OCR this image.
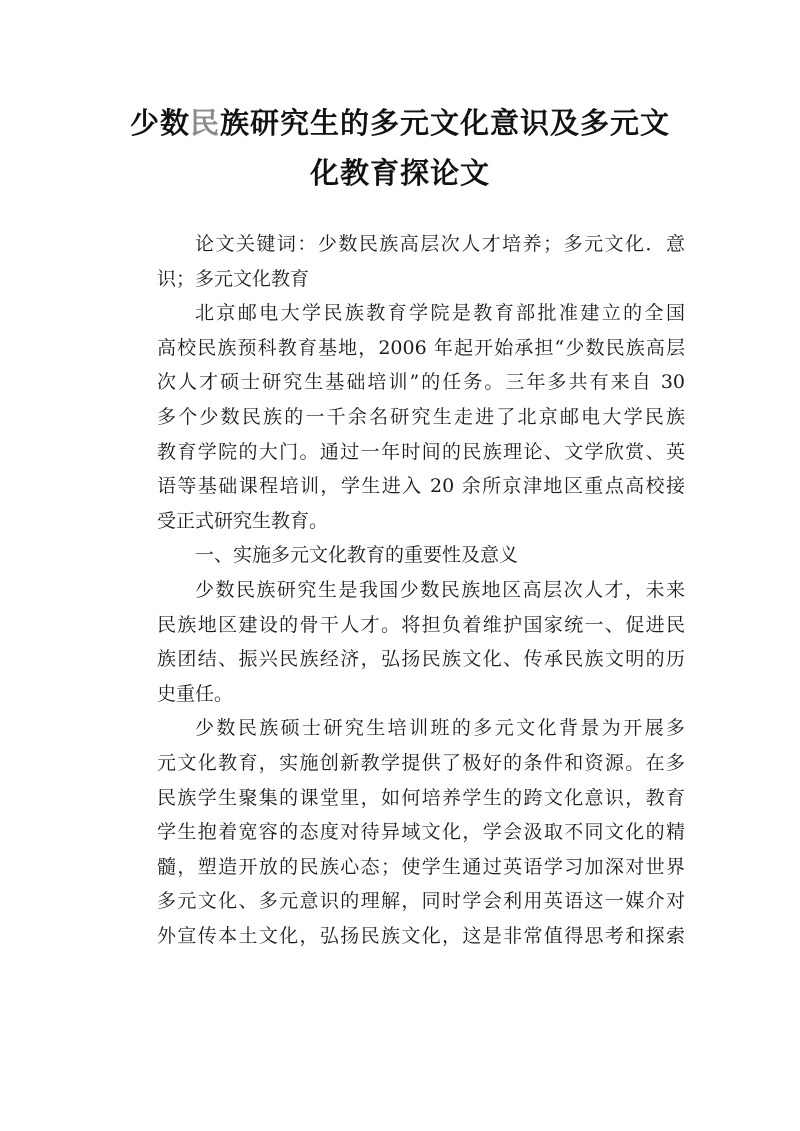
少数民族研究生的多元文化意识及多元文
化教育探论文
论文关键词：少数民族高层次人才培养；多元文化．意
识；多元文化教育
北京邮电大学民族教育学院是教育部批准建立的全国
高校民族预科教育基地，2006 年起开始承担“少数民族高层
次人才硕士研究生基础培训”的任务。三年多共有来自 30
多个少数民族的一千余名研究生走进了北京邮电大学民族
教育学院的大门。通过一年时间的民族理论、文学欣赏、英
语等基础课程培训，学生进入 20 余所京津地区重点高校接
受正式研究生教育。
一、实施多元文化教育的重要性及意义
少数民族研究生是我国少数民族地区高层次人才，未来
民族地区建设的骨干人才。将担负着维护国家统一、促进民
族团结、振兴民族经济，弘扬民族文化、传承民族文明的历
史重任。
少数民族硕士研究生培训班的多元文化背景为开展多
元文化教育，实施创新教学提供了极好的条件和资源。在多
民族学生聚集的课堂里，如何培养学生的跨文化意识，教育
学生抱着宽容的态度对待异域文化，学会汲取不同文化的精
髓，塑造开放的民族心态；使学生通过英语学习加深对世界
多元文化、多元意识的理解，同时学会利用英语这一媒介对
外宣传本土文化，弘扬民族文化，这是非常值得思考和探索
